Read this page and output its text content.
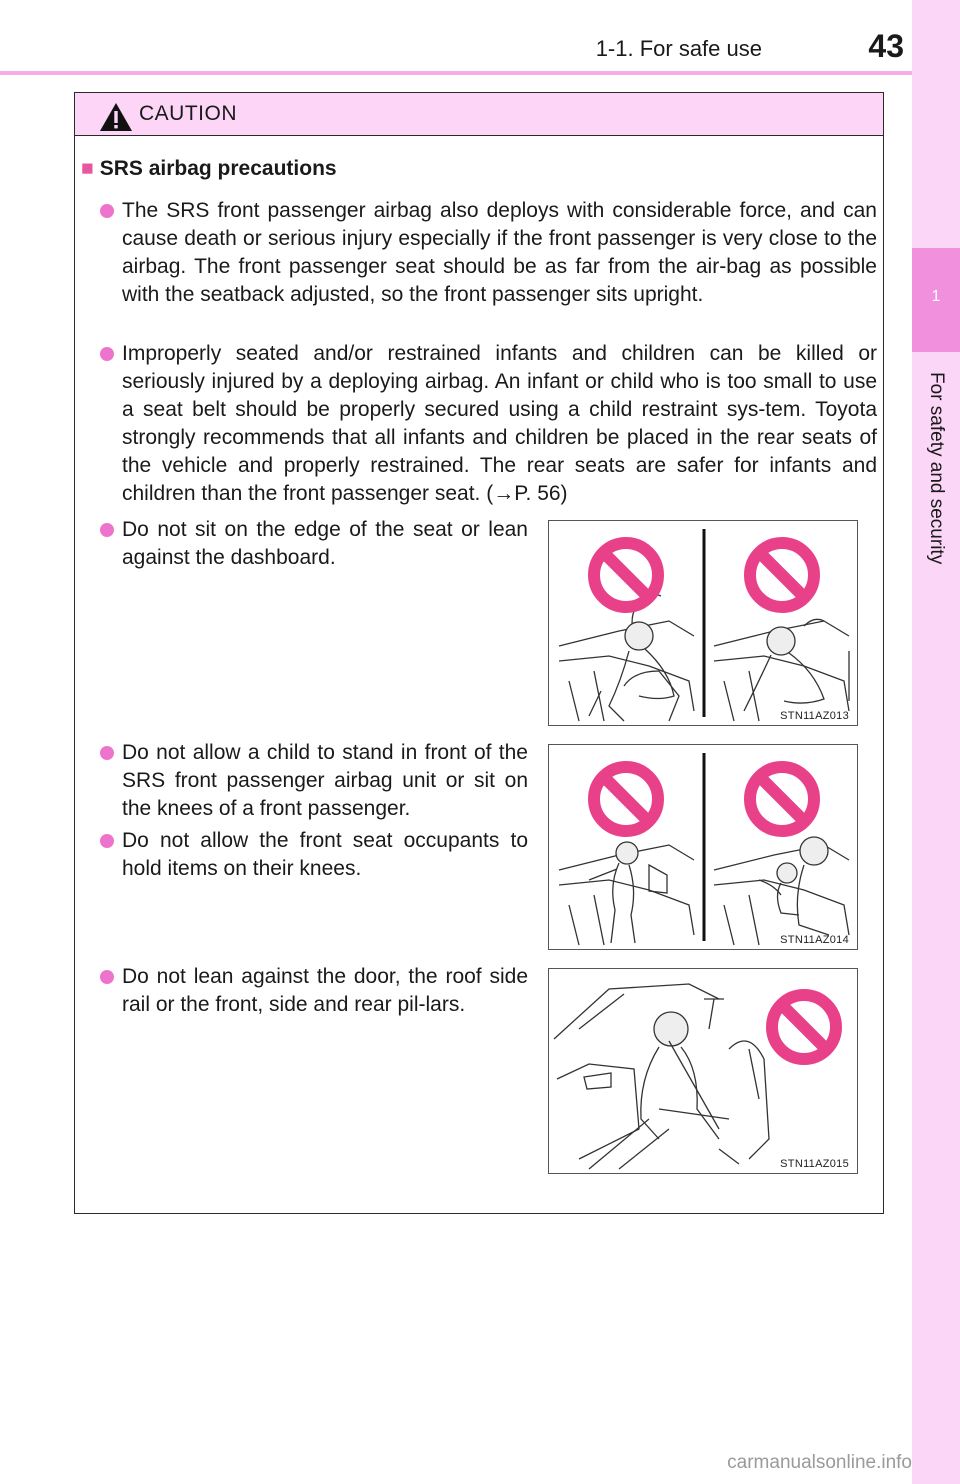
1-1. For safe use	43
1
For safety and security
CAUTION
■ SRS airbag precautions

The SRS front passenger airbag also deploys with considerable force, and can cause death or serious injury especially if the front passenger is very close to the airbag. The front passenger seat should be as far from the air-bag as possible with the seatback adjusted, so the front passenger sits upright.

Improperly seated and/or restrained infants and children can be killed or seriously injured by a deploying airbag. An infant or child who is too small to use a seat belt should be properly secured using a child restraint sys-tem. Toyota strongly recommends that all infants and children be placed in the rear seats of the vehicle and properly restrained. The rear seats are safer for infants and children than the front passenger seat. (→P. 56)

Do not sit on the edge of the seat or lean against the dashboard.

STN11AZ013

Do not allow a child to stand in front of the SRS front passenger airbag unit or sit on the knees of a front passenger.

Do not allow the front seat occupants to hold items on their knees.

STN11AZ014

Do not lean against the door, the roof side rail or the front, side and rear pil-lars.

STN11AZ015
carmanualsonline.info
